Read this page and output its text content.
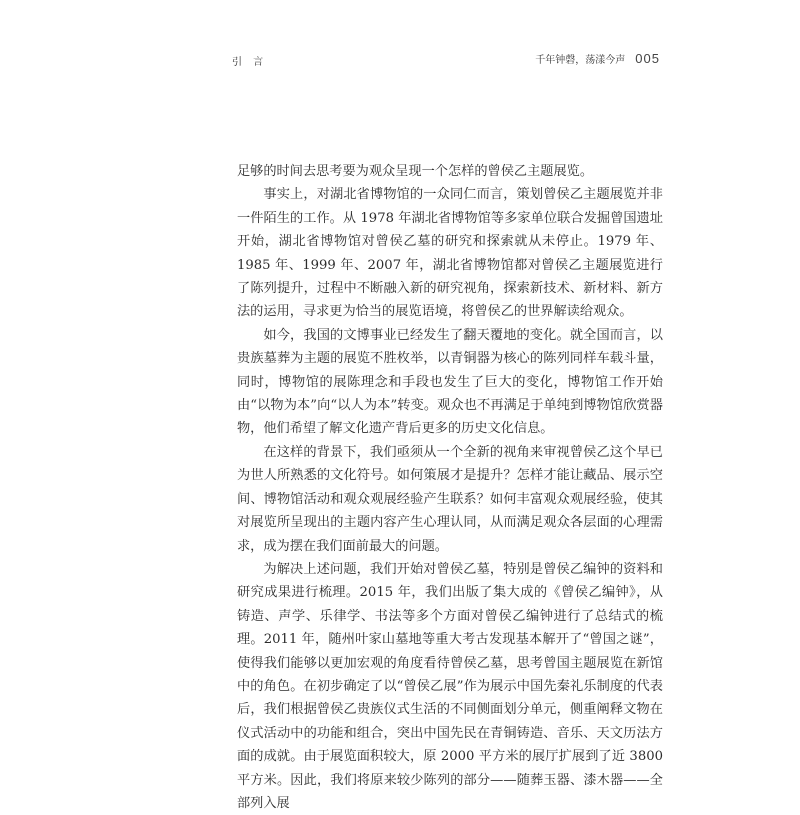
引 言	千年钟磬，荡漾今声 005

足够的时间去思考要为观众呈现一个怎样的曾侯乙主题展览。

事实上，对湖北省博物馆的一众同仁而言，策划曾侯乙主题展览并非一件陌生的工作。从 1978 年湖北省博物馆等多家单位联合发掘曾国遗址开始，湖北省博物馆对曾侯乙墓的研究和探索就从未停止。1979 年、1985 年、1999 年、2007 年，湖北省博物馆都对曾侯乙主题展览进行了陈列提升，过程中不断融入新的研究视角，探索新技术、新材料、新方法的运用，寻求更为恰当的展览语境，将曾侯乙的世界解读给观众。

如今，我国的文博事业已经发生了翻天覆地的变化。就全国而言，以贵族墓葬为主题的展览不胜枚举，以青铜器为核心的陈列同样车载斗量，同时，博物馆的展陈理念和手段也发生了巨大的变化，博物馆工作开始由“以物为本”向“以人为本”转变。观众也不再满足于单纯到博物馆欣赏器物，他们希望了解文化遗产背后更多的历史文化信息。

在这样的背景下，我们亟须从一个全新的视角来审视曾侯乙这个早已为世人所熟悉的文化符号。如何策展才是提升？怎样才能让藏品、展示空间、博物馆活动和观众观展经验产生联系？如何丰富观众观展经验，使其对展览所呈现出的主题内容产生心理认同，从而满足观众各层面的心理需求，成为摆在我们面前最大的问题。

为解决上述问题，我们开始对曾侯乙墓，特别是曾侯乙编钟的资料和研究成果进行梳理。2015 年，我们出版了集大成的《曾侯乙编钟》，从铸造、声学、乐律学、书法等多个方面对曾侯乙编钟进行了总结式的梳理。2011 年，随州叶家山墓地等重大考古发现基本解开了“曾国之谜”，使得我们能够以更加宏观的角度看待曾侯乙墓，思考曾国主题展览在新馆中的角色。在初步确定了以“曾侯乙展”作为展示中国先秦礼乐制度的代表后，我们根据曾侯乙贵族仪式生活的不同侧面划分单元，侧重阐释文物在仪式活动中的功能和组合，突出中国先民在青铜铸造、音乐、天文历法方面的成就。由于展览面积较大，原 2000 平方米的展厅扩展到了近 3800 平方米。因此，我们将原来较少陈列的部分——随葬玉器、漆木器——全部列入展
